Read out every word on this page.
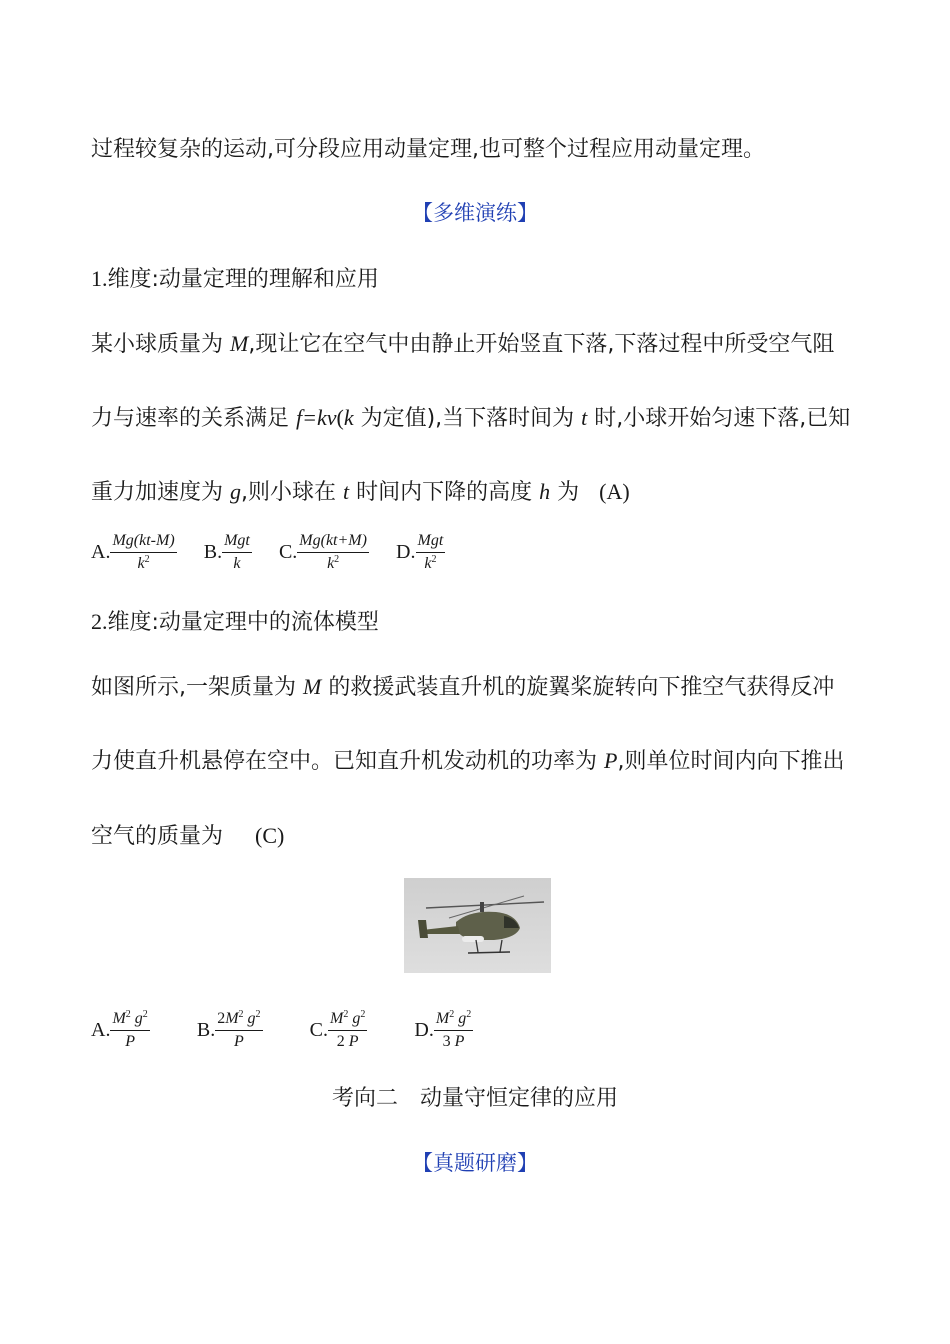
过程较复杂的运动,可分段应用动量定理,也可整个过程应用动量定理。
【多维演练】
1.维度:动量定理的理解和应用
某小球质量为 M,现让它在空气中由静止开始竖直下落,下落过程中所受空气阻
力与速率的关系满足 f=kv(k 为定值),当下落时间为 t 时,小球开始匀速下落,已知
重力加速度为 g,则小球在 t 时间内下降的高度 h 为 (A)
A. $\frac{Mg(kt-M)}{k^2}$
B. $\frac{\text{Mgt}}{k}$
C. $\frac{Mg(kt+M)}{k^2}$
D. $\frac{\text{Mgt}}{k^2}$
2.维度:动量定理中的流体模型
如图所示,一架质量为 M 的救援武装直升机的旋翼桨旋转向下推空气获得反冲
力使直升机悬停在空中。已知直升机发动机的功率为 P,则单位时间内向下推出
空气的质量为 (C)
A. $\frac{M^2 g^2}{P}$
B. $\frac{2M^2 g^2}{P}$
C. $\frac{M^2 g^2}{2 P}$
D. $\frac{M^2 g^2}{3 P}$
考向二　动量守恒定律的应用
【真题研磨】
